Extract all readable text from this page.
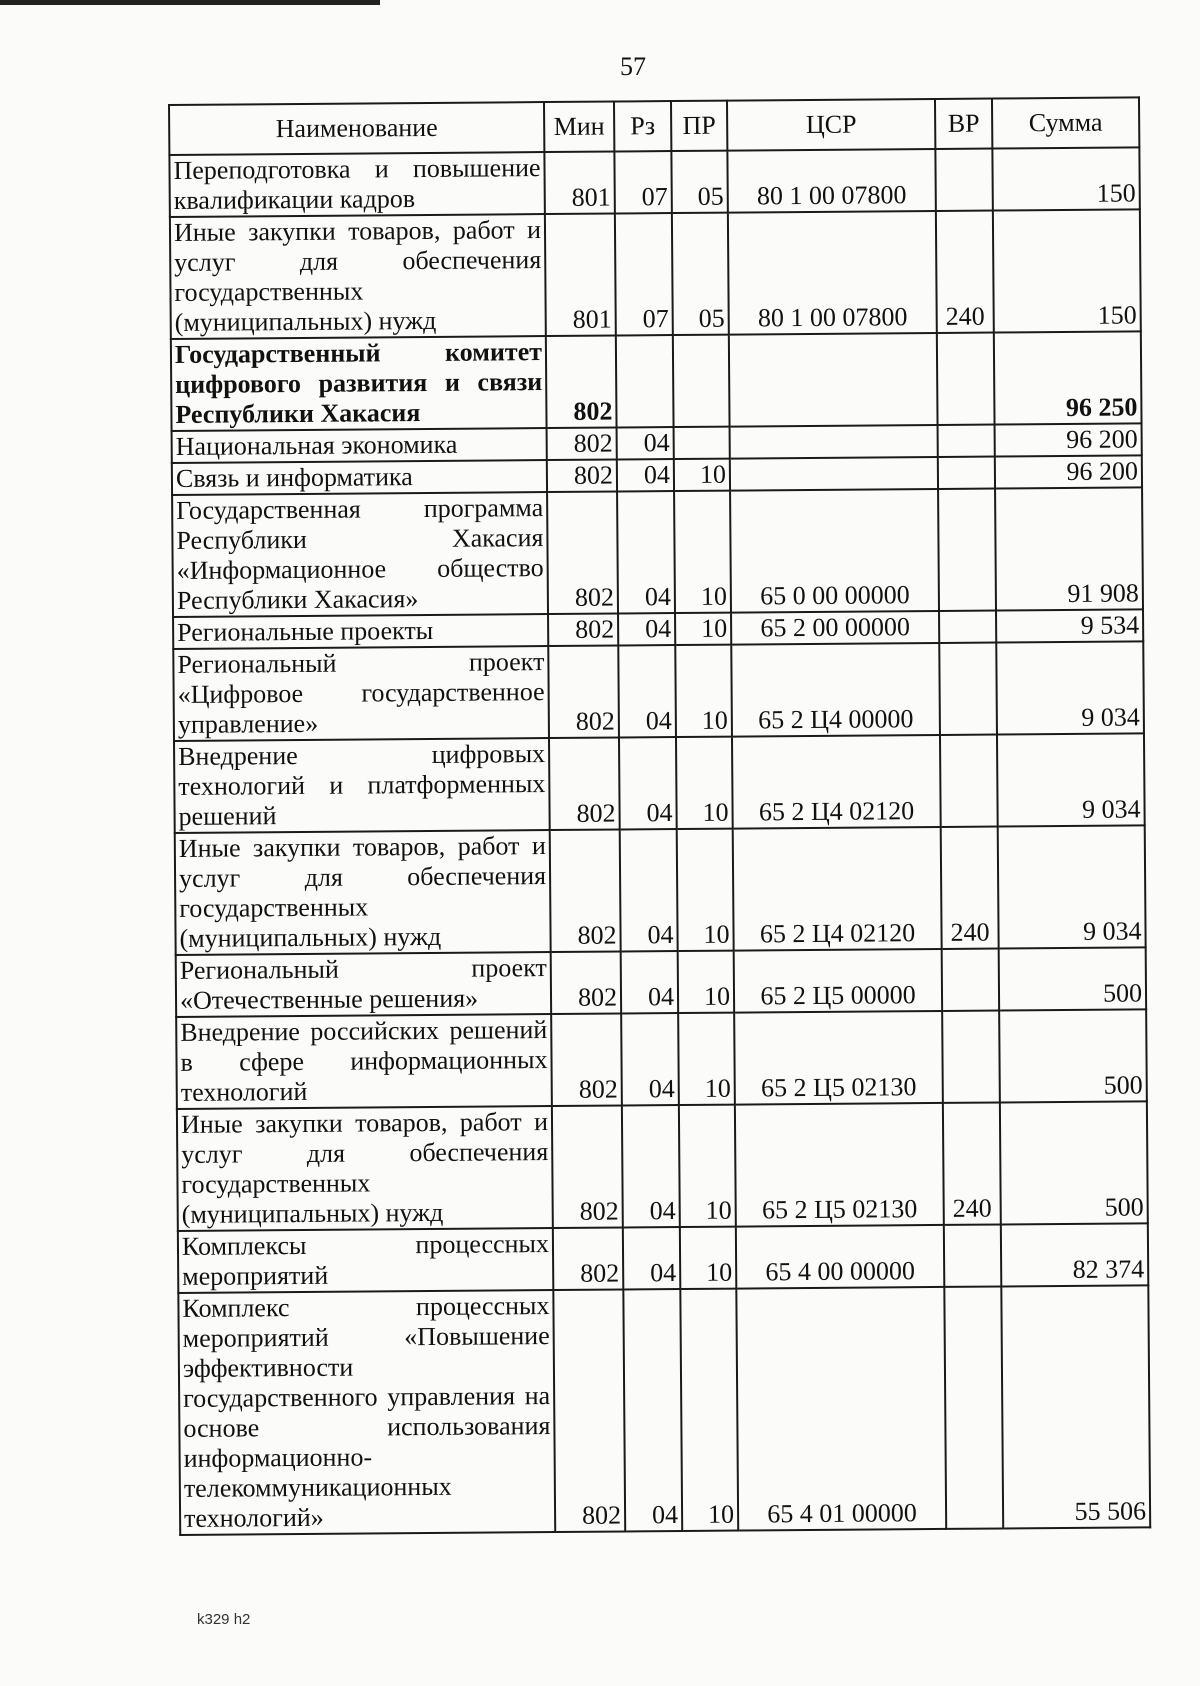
57
Наименование	Мин	Рз	ПР	ЦСР	ВР	Сумма
Переподготовка и повышение квалификации кадров	801	07	05	80 1 00 07800		150
Иные закупки товаров, работ и услуг для обеспечения государственных (муниципальных) нужд	801	07	05	80 1 00 07800	240	150
Государственный комитет цифрового развития и связи Республики Хакасия	802					96 250
Национальная экономика	802	04				96 200
Связь и информатика	802	04	10			96 200
Государственная программа Республики Хакасия «Информационное общество Республики Хакасия»	802	04	10	65 0 00 00000		91 908
Региональные проекты	802	04	10	65 2 00 00000		9 534
Региональный проект «Цифровое государственное управление»	802	04	10	65 2 Ц4 00000		9 034
Внедрение цифровых технологий и платформенных решений	802	04	10	65 2 Ц4 02120		9 034
Иные закупки товаров, работ и услуг для обеспечения государственных (муниципальных) нужд	802	04	10	65 2 Ц4 02120	240	9 034
Региональный проект «Отечественные решения»	802	04	10	65 2 Ц5 00000		500
Внедрение российских решений в сфере информационных технологий	802	04	10	65 2 Ц5 02130		500
Иные закупки товаров, работ и услуг для обеспечения государственных (муниципальных) нужд	802	04	10	65 2 Ц5 02130	240	500
Комплексы процессных мероприятий	802	04	10	65 4 00 00000		82 374
Комплекс процессных мероприятий «Повышение эффективности государственного управления на основе использования информационно-телекоммуникационных технологий»	802	04	10	65 4 01 00000		55 506
k329 h2
